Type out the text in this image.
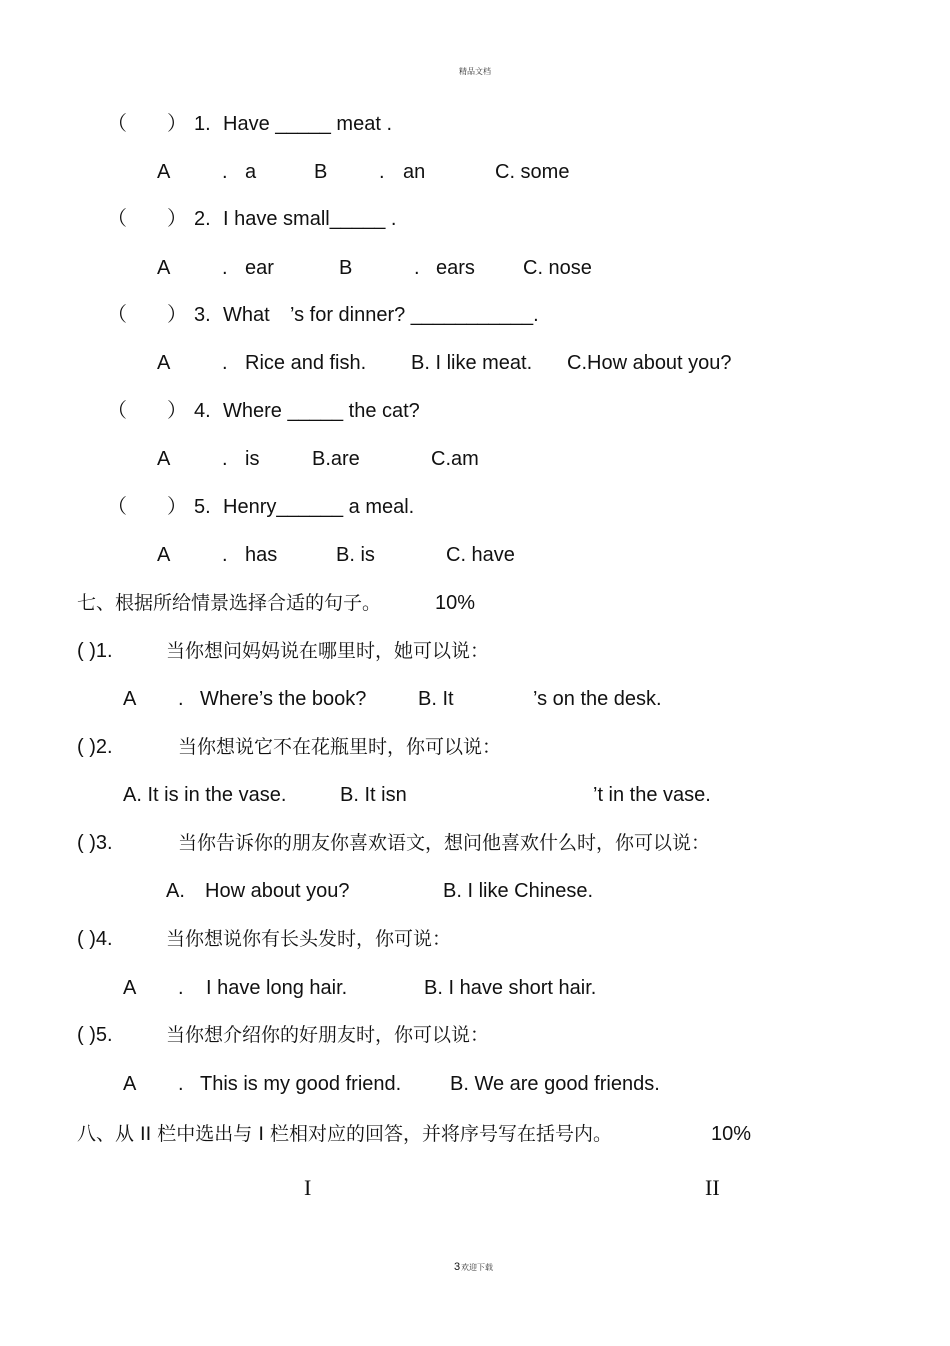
精品文档
（　　） 1. Have _____ meat .
A	. a	B	. an	C. some
（　　） 2. I have small_____ .
A	. ear	B	. ears C. nose
（　　） 3. What ’s for dinner? ___________.
A	. Rice and fish. B. I like meat. C.How about you?
（　　） 4. Where _____ the cat?
A	. is	B.are	C.am
（　　） 5. Henry______ a meal.
A	. has	B. is	C. have
七、根据所给情景选择合适的句子。	10%
( )1.	当你想问妈妈说在哪里时，她可以说：
A . Where’s the book?	B. It	’s on the desk.
( )2.	当你想说它不在花瓶里时，你可以说：
A. It is in the vase.	B. It isn	’t in the vase.
( )3.	当你告诉你的朋友你喜欢语文，想问他喜欢什么时，你可以说：
A. How about you?	B. I like Chinese.
( )4.	当你想说你有长头发时，你可说：
A . I have long hair.	B. I have short hair.
( )5.	当你想介绍你的好朋友时，你可以说：
A . This is my good friend. B. We are good friends.
八、从 II 栏中选出与 I 栏相对应的回答，并将序号写在括号内。	10%
I	II
3 欢迎下载
